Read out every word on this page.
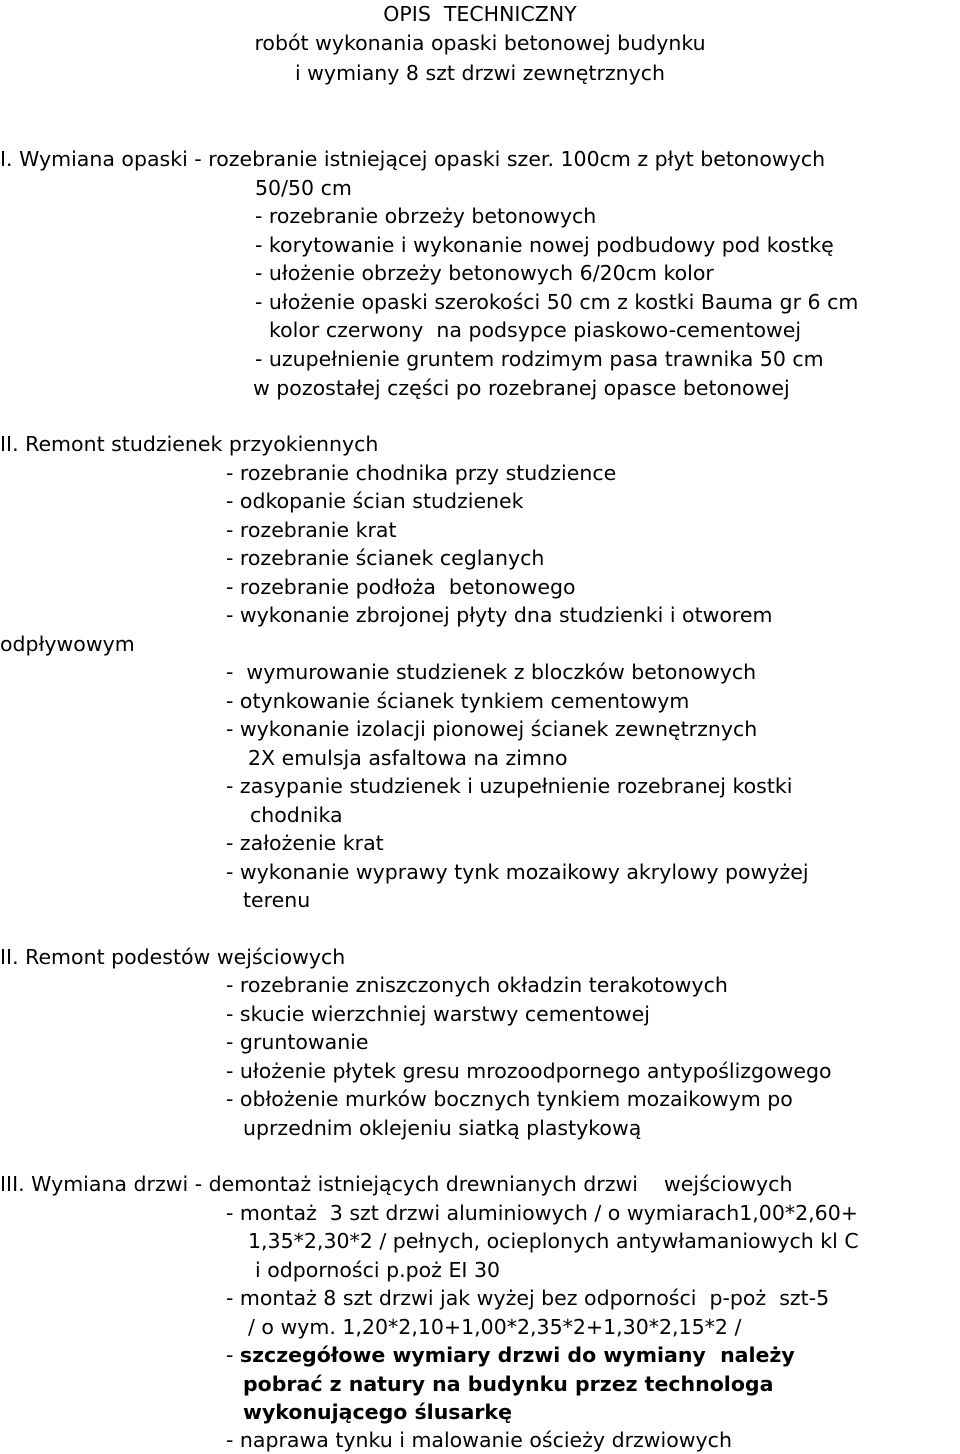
OPIS  TECHNICZNY
robót wykonania opaski betonowej budynku
i wymiany 8 szt drzwi zewnętrznych
I. Wymiana opaski - rozebranie istniejącej opaski szer. 100cm z płyt betonowych
50/50 cm
- rozebranie obrzeży betonowych
- korytowanie i wykonanie nowej podbudowy pod kostkę
- ułożenie obrzeży betonowych 6/20cm kolor
- ułożenie opaski szerokości 50 cm z kostki Bauma gr 6 cm
kolor czerwony  na podsypce piaskowo-cementowej
- uzupełnienie gruntem rodzimym pasa trawnika 50 cm
w pozostałej części po rozebranej opasce betonowej
II. Remont studzienek przyokiennych
- rozebranie chodnika przy studzience
- odkopanie ścian studzienek
- rozebranie krat
- rozebranie ścianek ceglanych
- rozebranie podłoża  betonowego
- wykonanie zbrojonej płyty dna studzienki i otworem
odpływowym
-  wymurowanie studzienek z bloczków betonowych
- otynkowanie ścianek tynkiem cementowym
- wykonanie izolacji pionowej ścianek zewnętrznych
2X emulsja asfaltowa na zimno
- zasypanie studzienek i uzupełnienie rozebranej kostki
chodnika
- założenie krat
- wykonanie wyprawy tynk mozaikowy akrylowy powyżej
terenu
II. Remont podestów wejściowych
- rozebranie zniszczonych okładzin terakotowych
- skucie wierzchniej warstwy cementowej
- gruntowanie
- ułożenie płytek gresu mrozoodpornego antypoślizgowego
- obłożenie murków bocznych tynkiem mozaikowym po
uprzednim oklejeniu siatką plastykową
III. Wymiana drzwi - demontaż istniejących drewnianych drzwi    wejściowych
- montaż  3 szt drzwi aluminiowych / o wymiarach1,00*2,60+
1,35*2,30*2 / pełnych, ocieplonych antywłamaniowych kl C
i odporności p.poż EI 30
- montaż 8 szt drzwi jak wyżej bez odporności  p-poż  szt-5
/ o wym. 1,20*2,10+1,00*2,35*2+1,30*2,15*2 /
- szczegółowe wymiary drzwi do wymiany  należy
pobrać z natury na budynku przez technologa
wykonującego ślusarkę
- naprawa tynku i malowanie ościeży drzwiowych
